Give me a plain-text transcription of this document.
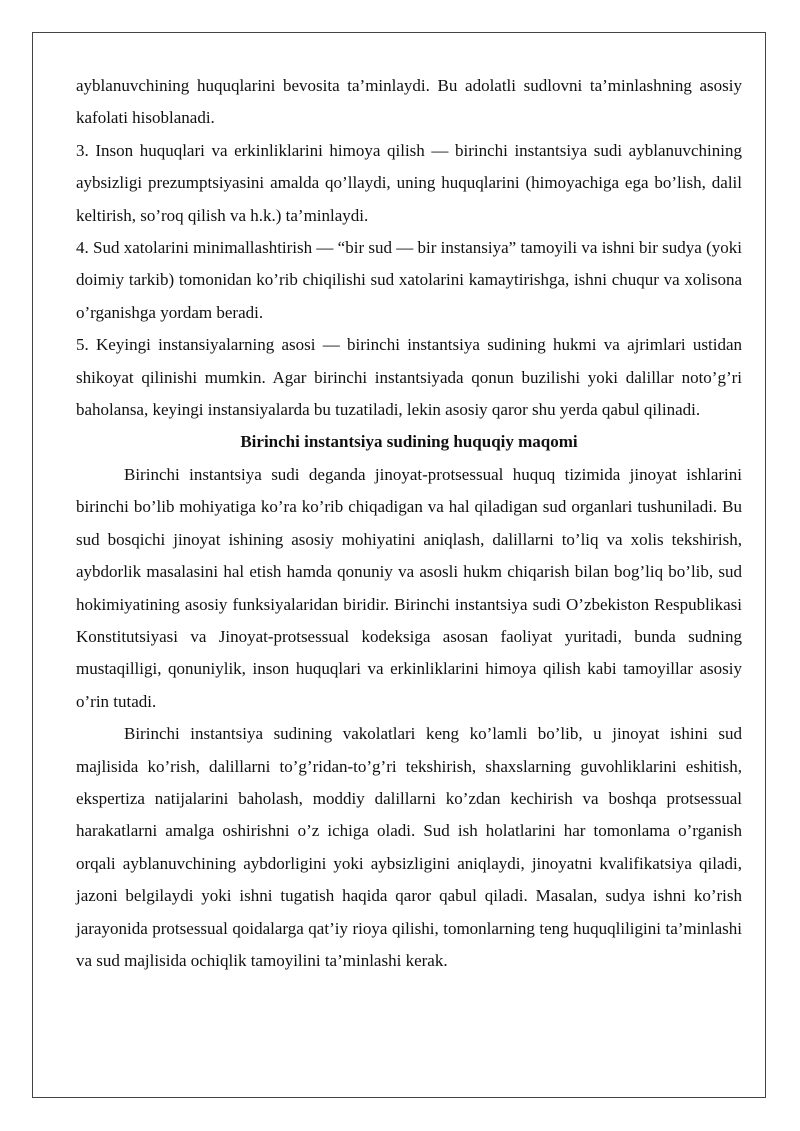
ayblanuvchining huquqlarini bevosita ta’minlaydi. Bu adolatli sudlovni ta’minlashning asosiy kafolati hisoblanadi.

3. Inson huquqlari va erkinliklarini himoya qilish — birinchi instantsiya sudi ayblanuvchining aybsizligi prezumptsiyasini amalda qo’llaydi, uning huquqlarini (himoyachiga ega bo’lish, dalil keltirish, so’roq qilish va h.k.) ta’minlaydi.

4. Sud xatolarini minimallashtirish — “bir sud — bir instansiya” tamoyili va ishni bir sudya (yoki doimiy tarkib) tomonidan ko’rib chiqilishi sud xatolarini kamaytirishga, ishni chuqur va xolisona o’rganishga yordam beradi.

5. Keyingi instansiyalarning asosi — birinchi instantsiya sudining hukmi va ajrimlari ustidan shikoyat qilinishi mumkin. Agar birinchi instantsiyada qonun buzilishi yoki dalillar noto’g’ri baholansa, keyingi instansiyalarda bu tuzatiladi, lekin asosiy qaror shu yerda qabul qilinadi.

Birinchi instantsiya sudining huquqiy maqomi

Birinchi instantsiya sudi deganda jinoyat-protsessual huquq tizimida jinoyat ishlarini birinchi bo’lib mohiyatiga ko’ra ko’rib chiqadigan va hal qiladigan sud organlari tushuniladi. Bu sud bosqichi jinoyat ishining asosiy mohiyatini aniqlash, dalillarni to’liq va xolis tekshirish, aybdorlik masalasini hal etish hamda qonuniy va asosli hukm chiqarish bilan bog’liq bo’lib, sud hokimiyatining asosiy funksiyalaridan biridir. Birinchi instantsiya sudi O’zbekiston Respublikasi Konstitutsiyasi va Jinoyat-protsessual kodeksiga asosan faoliyat yuritadi, bunda sudning mustaqilligi, qonuniylik, inson huquqlari va erkinliklarini himoya qilish kabi tamoyillar asosiy o’rin tutadi.

Birinchi instantsiya sudining vakolatlari keng ko’lamli bo’lib, u jinoyat ishini sud majlisida ko’rish, dalillarni to’g’ridan-to’g’ri tekshirish, shaxslarning guvohliklarini eshitish, ekspertiza natijalarini baholash, moddiy dalillarni ko’zdan kechirish va boshqa protsessual harakatlarni amalga oshirishni o’z ichiga oladi. Sud ish holatlarini har tomonlama o’rganish orqali ayblanuvchining aybdorligini yoki aybsizligini aniqlaydi, jinoyatni kvalifikatsiya qiladi, jazoni belgilaydi yoki ishni tugatish haqida qaror qabul qiladi. Masalan, sudya ishni ko’rish jarayonida protsessual qoidalarga qat’iy rioya qilishi, tomonlarning teng huquqliligini ta’minlashi va sud majlisida ochiqlik tamoyilini ta’minlashi kerak.
